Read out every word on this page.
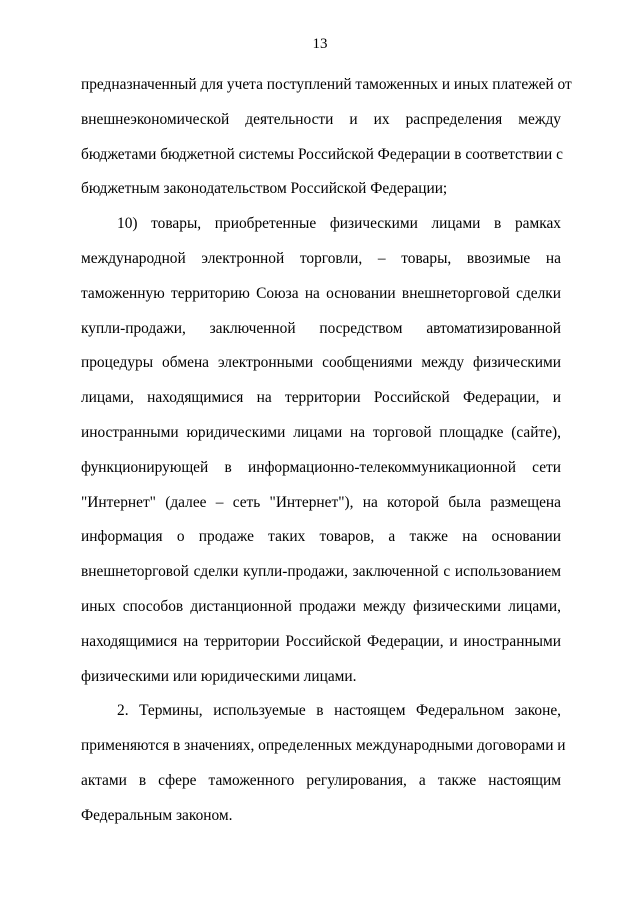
13
предназначенный для учета поступлений таможенных и иных платежей от
внешнеэкономической деятельности и их распределения между
бюджетами бюджетной системы Российской Федерации в соответствии с
бюджетным законодательством Российской Федерации;
10) товары, приобретенные физическими лицами в рамках
международной электронной торговли, – товары, ввозимые на
таможенную территорию Союза на основании внешнеторговой сделки
купли-продажи, заключенной посредством автоматизированной
процедуры обмена электронными сообщениями между физическими
лицами, находящимися на территории Российской Федерации, и
иностранными юридическими лицами на торговой площадке (сайте),
функционирующей в информационно-телекоммуникационной сети
"Интернет" (далее – сеть "Интернет"), на которой была размещена
информация о продаже таких товаров, а также на основании
внешнеторговой сделки купли-продажи, заключенной с использованием
иных способов дистанционной продажи между физическими лицами,
находящимися на территории Российской Федерации, и иностранными
физическими или юридическими лицами.
2. Термины, используемые в настоящем Федеральном законе,
применяются в значениях, определенных международными договорами и
актами в сфере таможенного регулирования, а также настоящим
Федеральным законом.
